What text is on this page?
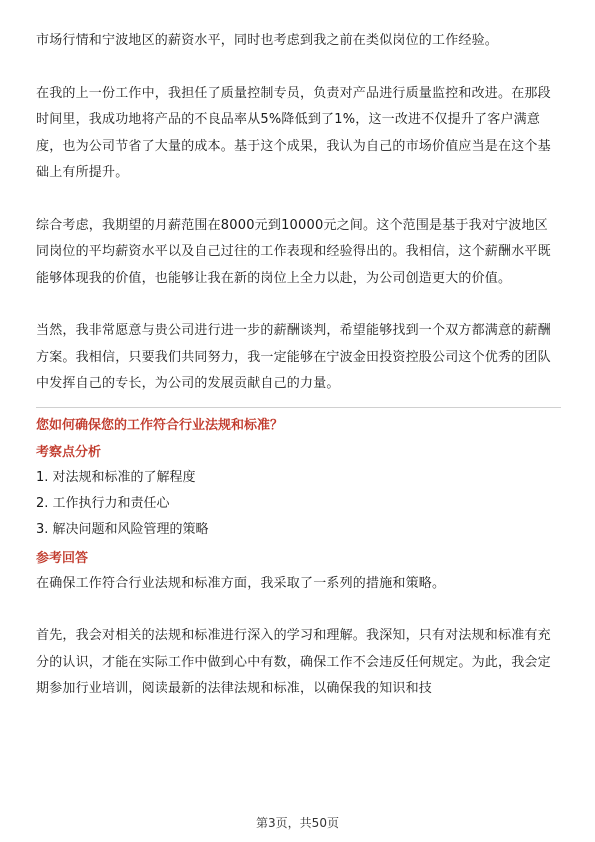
市场行情和宁波地区的薪资水平，同时也考虑到我之前在类似岗位的工作经验。

在我的上一份工作中，我担任了质量控制专员，负责对产品进行质量监控和改进。在那段时间里，我成功地将产品的不良品率从5%降低到了1%，这一改进不仅提升了客户满意度，也为公司节省了大量的成本。基于这个成果，我认为自己的市场价值应当是在这个基础上有所提升。

综合考虑，我期望的月薪范围在8000元到10000元之间。这个范围是基于我对宁波地区同岗位的平均薪资水平以及自己过往的工作表现和经验得出的。我相信，这个薪酬水平既能够体现我的价值，也能够让我在新的岗位上全力以赴，为公司创造更大的价值。

当然，我非常愿意与贵公司进行进一步的薪酬谈判，希望能够找到一个双方都满意的薪酬方案。我相信，只要我们共同努力，我一定能够在宁波金田投资控股公司这个优秀的团队中发挥自己的专长，为公司的发展贡献自己的力量。

您如何确保您的工作符合行业法规和标准？
考察点分析
1. 对法规和标准的了解程度
2. 工作执行力和责任心
3. 解决问题和风险管理的策略
参考回答

在确保工作符合行业法规和标准方面，我采取了一系列的措施和策略。

首先，我会对相关的法规和标准进行深入的学习和理解。我深知，只有对法规和标准有充分的认识，才能在实际工作中做到心中有数，确保工作不会违反任何规定。为此，我会定期参加行业培训，阅读最新的法律法规和标准，以确保我的知识和技

第3页，共50页
